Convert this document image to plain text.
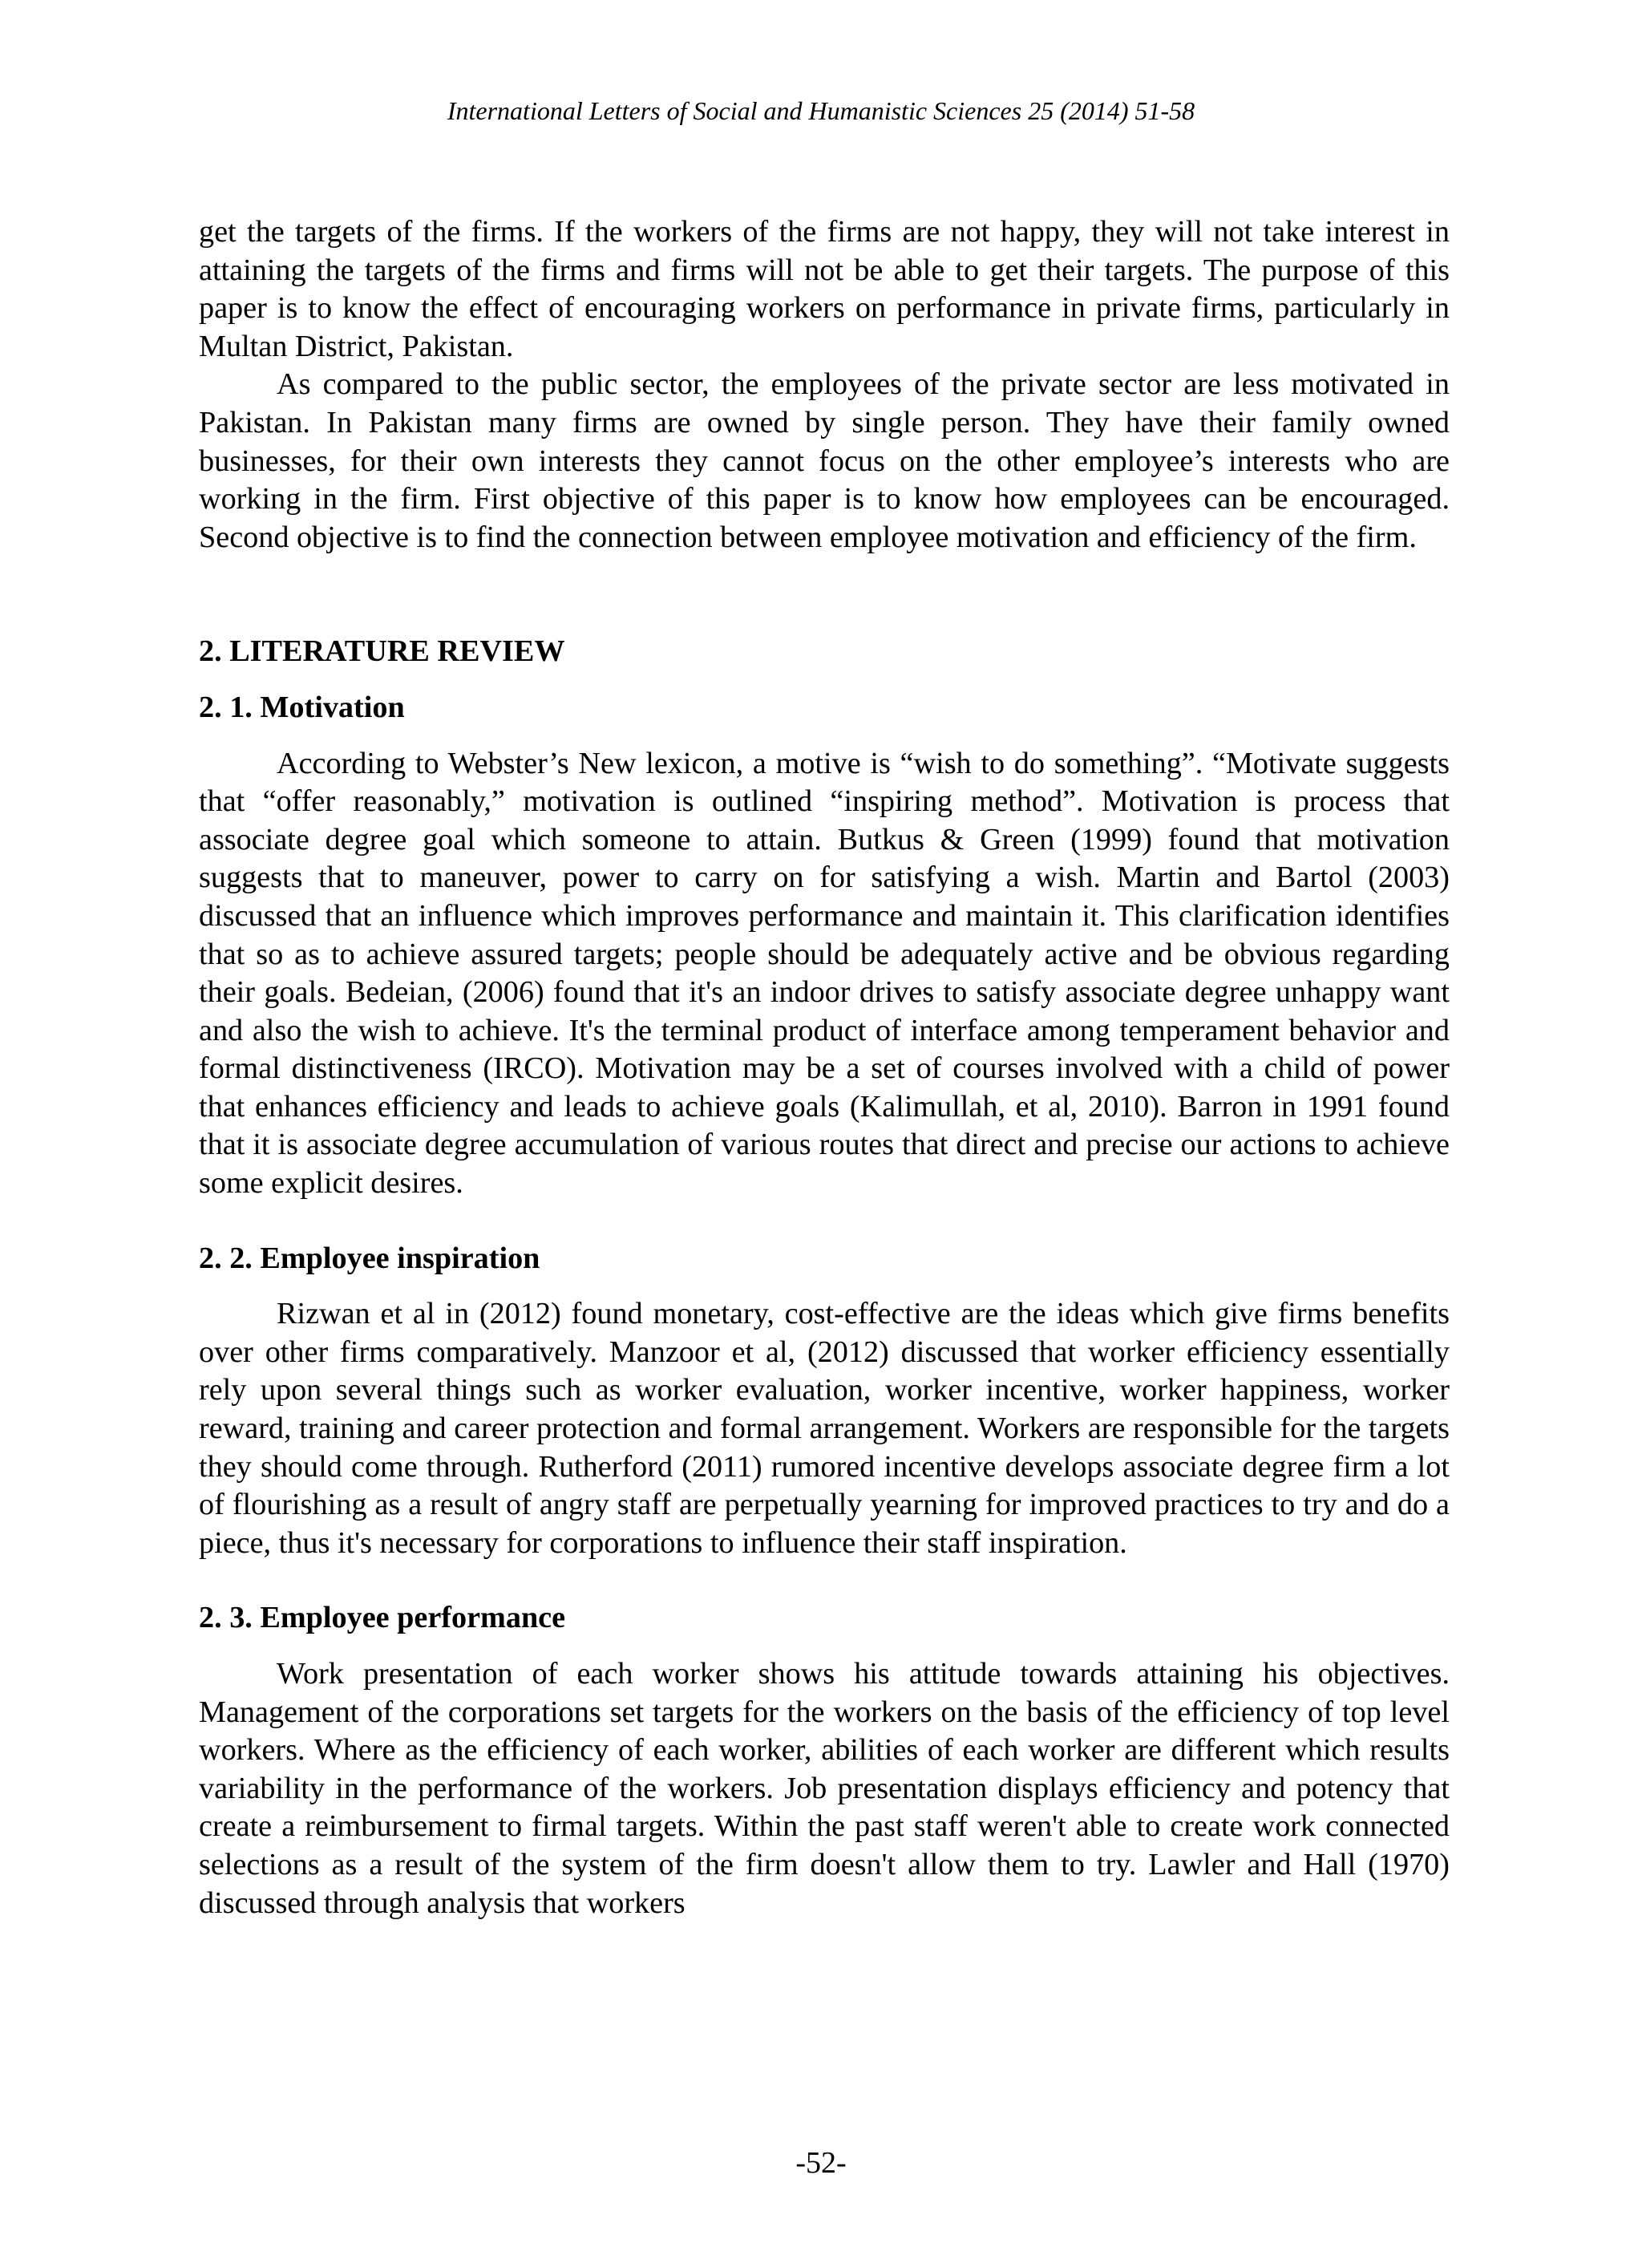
International Letters of Social and Humanistic Sciences 25 (2014) 51-58

get the targets of the firms. If the workers of the firms are not happy, they will not take interest in attaining the targets of the firms and firms will not be able to get their targets. The purpose of this paper is to know the effect of encouraging workers on performance in private firms, particularly in Multan District, Pakistan.

As compared to the public sector, the employees of the private sector are less motivated in Pakistan. In Pakistan many firms are owned by single person. They have their family owned businesses, for their own interests they cannot focus on the other employee’s interests who are working in the firm. First objective of this paper is to know how employees can be encouraged. Second objective is to find the connection between employee motivation and efficiency of the firm.

2. LITERATURE REVIEW
2. 1. Motivation

According to Webster’s New lexicon, a motive is “wish to do something”. “Motivate suggests that “offer reasonably,” motivation is outlined “inspiring method”. Motivation is process that associate degree goal which someone to attain. Butkus & Green (1999) found that motivation suggests that to maneuver, power to carry on for satisfying a wish. Martin and Bartol (2003) discussed that an influence which improves performance and maintain it. This clarification identifies that so as to achieve assured targets; people should be adequately active and be obvious regarding their goals. Bedeian, (2006) found that it's an indoor drives to satisfy associate degree unhappy want and also the wish to achieve. It's the terminal product of interface among temperament behavior and formal distinctiveness (IRCO). Motivation may be a set of courses involved with a child of power that enhances efficiency and leads to achieve goals (Kalimullah, et al, 2010). Barron in 1991 found that it is associate degree accumulation of various routes that direct and precise our actions to achieve some explicit desires.

2. 2. Employee inspiration

Rizwan et al in (2012) found monetary, cost-effective are the ideas which give firms benefits over other firms comparatively. Manzoor et al, (2012) discussed that worker efficiency essentially rely upon several things such as worker evaluation, worker incentive, worker happiness, worker reward, training and career protection and formal arrangement. Workers are responsible for the targets they should come through. Rutherford (2011) rumored incentive develops associate degree firm a lot of flourishing as a result of angry staff are perpetually yearning for improved practices to try and do a piece, thus it's necessary for corporations to influence their staff inspiration.

2. 3. Employee performance

Work presentation of each worker shows his attitude towards attaining his objectives. Management of the corporations set targets for the workers on the basis of the efficiency of top level workers. Where as the efficiency of each worker, abilities of each worker are different which results variability in the performance of the workers. Job presentation displays efficiency and potency that create a reimbursement to firmal targets. Within the past staff weren't able to create work connected selections as a result of the system of the firm doesn't allow them to try. Lawler and Hall (1970) discussed through analysis that workers

-52-
